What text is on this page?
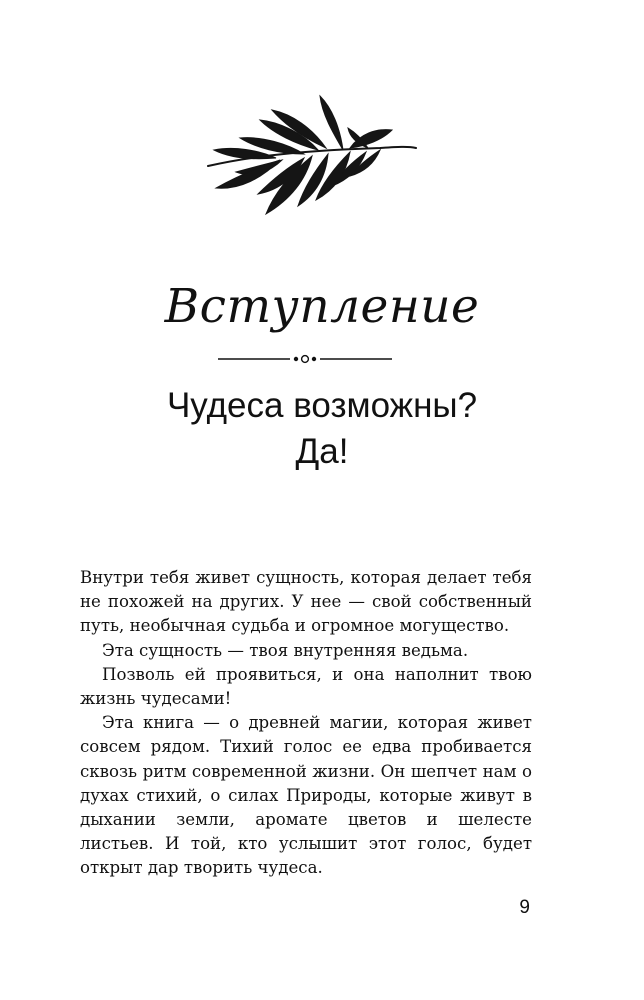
Вступление
Чудеса возможны?
Да!

Внутри тебя живет сущность, которая делает тебя не похожей на других. У нее — свой собственный путь, необычная судьба и огромное могущество.

Эта сущность — твоя внутренняя ведьма.

Позволь ей проявиться, и она наполнит твою жизнь чудесами!

Эта книга — о древней магии, которая живет совсем рядом. Тихий голос ее едва пробивается сквозь ритм современной жизни. Он шепчет нам о духах стихий, о силах Природы, которые живут в дыхании земли, аромате цветов и шелесте листьев. И той, кто услышит этот голос, будет открыт дар творить чудеса.

9
